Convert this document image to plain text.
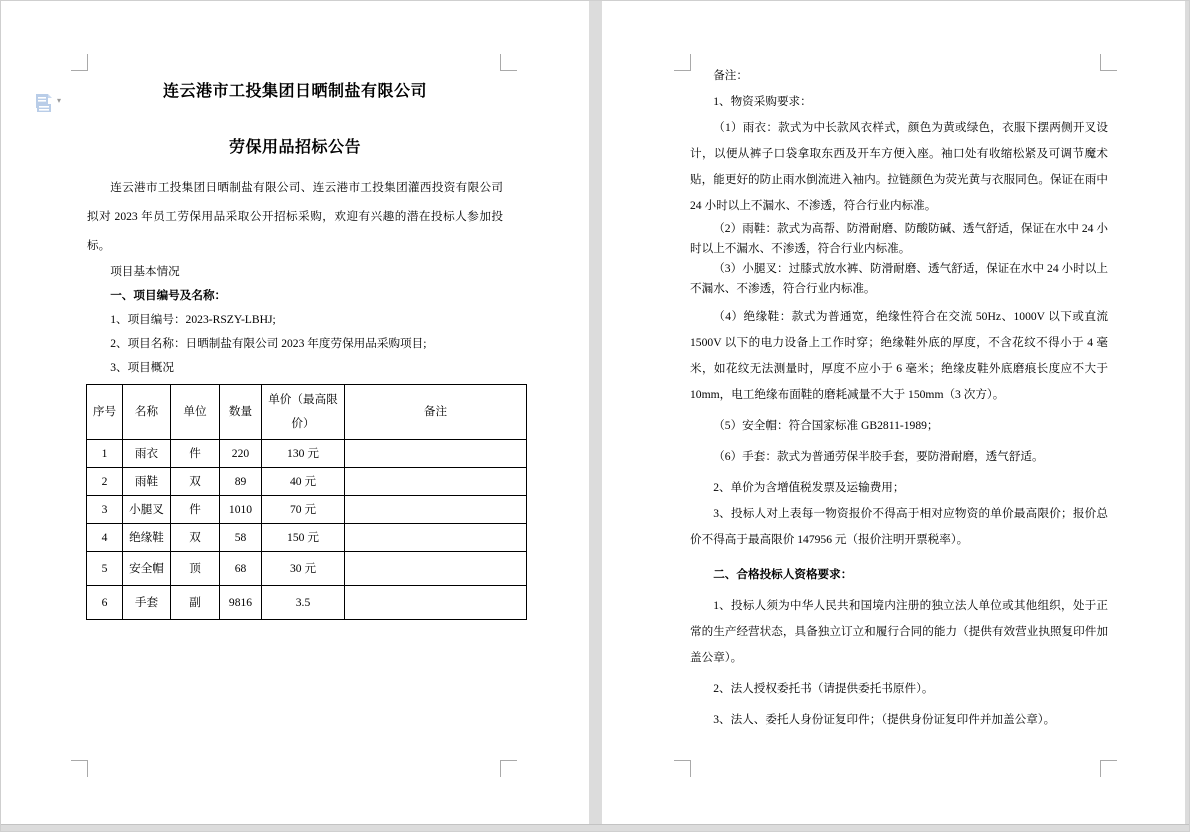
▾

连云港市工投集团日晒制盐有限公司

劳保用品招标公告

连云港市工投集团日晒制盐有限公司、连云港市工投集团灌西投资有限公司拟对 2023 年员工劳保用品采取公开招标采购，欢迎有兴趣的潜在投标人参加投标。

项目基本情况

一、项目编号及名称：

1、项目编号：2023-RSZY-LBHJ;

2、项目名称：日晒制盐有限公司 2023 年度劳保用品采购项目;

3、项目概况

序号	名称	单位	数量	单价（最高限价）	备注
1	雨衣	件	220	130 元	
2	雨鞋	双	89	40 元	
3	小腿叉	件	1010	70 元	
4	绝缘鞋	双	58	150 元	
5	安全帽	顶	68	30 元	
6	手套	副	9816	3.5	

备注：

1、物资采购要求：

（1）雨衣：款式为中长款风衣样式，颜色为黄或绿色，衣服下摆两侧开叉设计，以便从裤子口袋拿取东西及开车方便入座。袖口处有收缩松紧及可调节魔术贴，能更好的防止雨水倒流进入袖内。拉链颜色为荧光黄与衣服同色。保证在雨中 24 小时以上不漏水、不渗透，符合行业内标准。

（2）雨鞋：款式为高帮、防滑耐磨、防酸防碱、透气舒适，保证在水中 24 小时以上不漏水、不渗透，符合行业内标准。

（3）小腿叉：过膝式放水裤、防滑耐磨、透气舒适，保证在水中 24 小时以上不漏水、不渗透，符合行业内标准。

（4）绝缘鞋：款式为普通宽，绝缘性符合在交流 50Hz、1000V 以下或直流 1500V 以下的电力设备上工作时穿；绝缘鞋外底的厚度，不含花纹不得小于 4 毫米，如花纹无法测量时，厚度不应小于 6 毫米；绝缘皮鞋外底磨痕长度应不大于 10mm，电工绝缘布面鞋的磨耗减量不大于 150mm（3 次方）。

（5）安全帽：符合国家标准 GB2811-1989；

（6）手套：款式为普通劳保半胶手套，要防滑耐磨，透气舒适。

2、单价为含增值税发票及运输费用；

3、投标人对上表每一物资报价不得高于相对应物资的单价最高限价；报价总价不得高于最高限价 147956 元（报价注明开票税率）。

二、合格投标人资格要求：

1、投标人须为中华人民共和国境内注册的独立法人单位或其他组织，处于正常的生产经营状态，具备独立订立和履行合同的能力（提供有效营业执照复印件加盖公章）。

2、法人授权委托书（请提供委托书原件）。

3、法人、委托人身份证复印件；（提供身份证复印件并加盖公章）。
